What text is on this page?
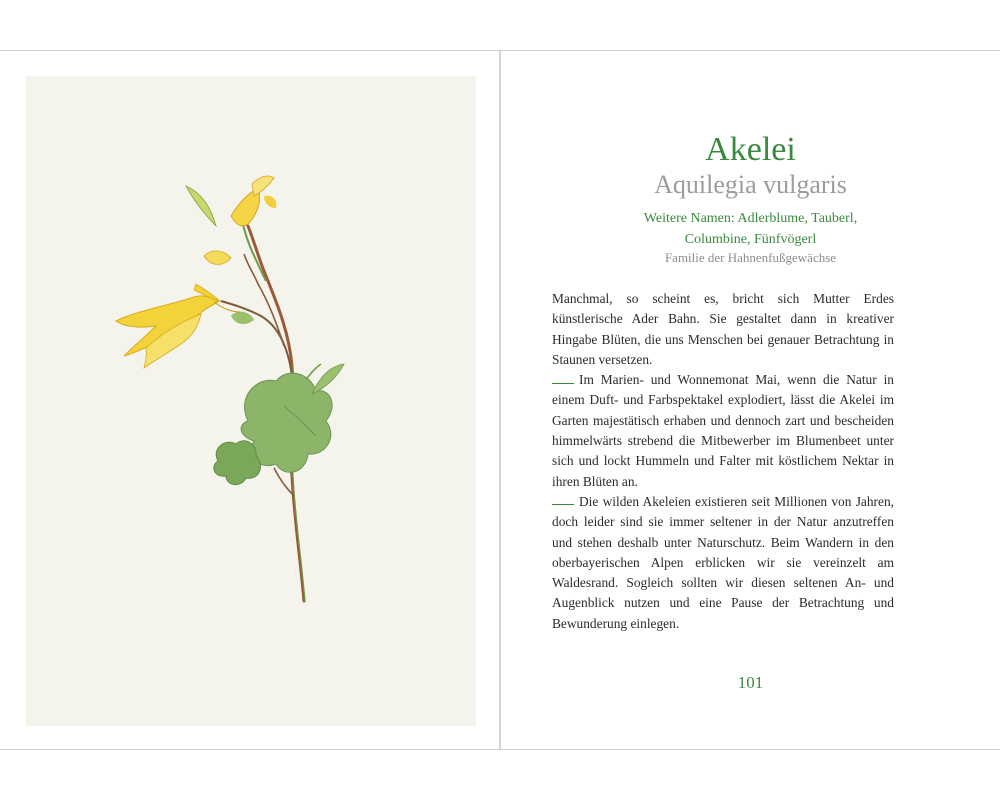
Akelei
Aquilegia vulgaris
Weitere Namen: Adlerblume, Tauberl,
Columbine, Fünfvögerl
Familie der Hahnenfußgewächse

Manchmal, so scheint es, bricht sich Mutter Erdes künstlerische Ader Bahn. Sie gestaltet dann in kreativer Hingabe Blüten, die uns Menschen bei genauer Betrachtung in Staunen versetzen.

Im Marien- und Wonnemonat Mai, wenn die Natur in einem Duft- und Farbspektakel explodiert, lässt die Akelei im Garten majestätisch erhaben und dennoch zart und bescheiden himmelwärts strebend die Mitbewerber im Blumenbeet unter sich und lockt Hummeln und Falter mit köstlichem Nektar in ihren Blüten an.

Die wilden Akeleien existieren seit Millionen von Jahren, doch leider sind sie immer seltener in der Natur anzutreffen und stehen deshalb unter Naturschutz. Beim Wandern in den oberbayerischen Alpen erblicken wir sie vereinzelt am Waldesrand. Sogleich sollten wir diesen seltenen An- und Augenblick nutzen und eine Pause der Betrachtung und Bewunderung einlegen.

101
